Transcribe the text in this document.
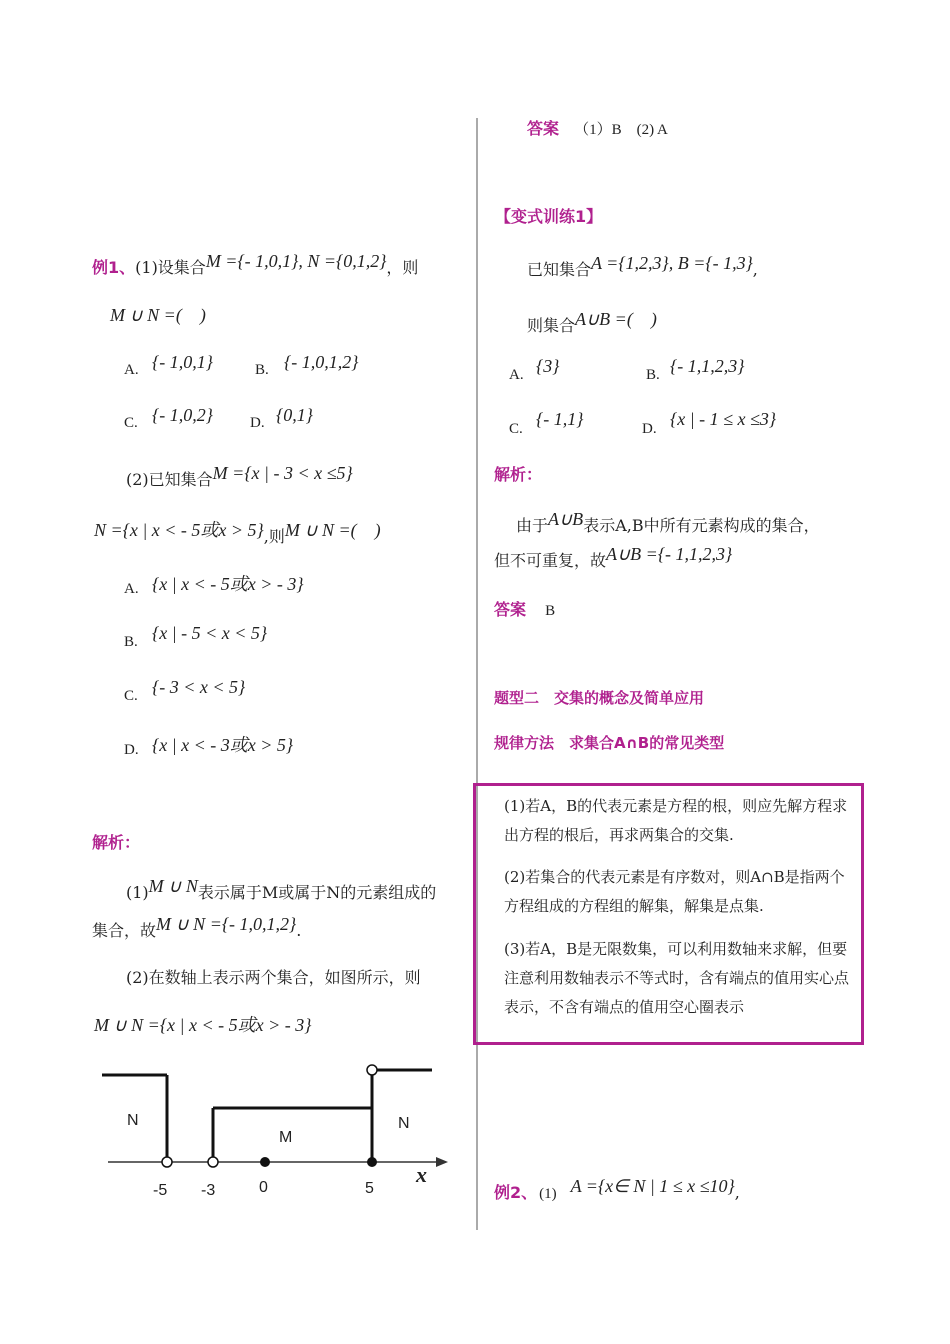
例1、(1)设集合M ={- 1,0,1}, N ={0,1,2}，则
M ∪ N =(　)
A. {- 1,0,1}	B. {- 1,0,1,2}
C. {- 1,0,2} D. {0,1}
(2)已知集合M ={x | - 3 < x ≤5}
N ={x | x < - 5或x > 5},则M ∪ N =(　)
A. {x | x < - 5或x > - 3}
B. {x | - 5 < x < 5}
C. {- 3 < x < 5}
D. {x | x < - 3或x > 5}
解析：
(1)M ∪ N表示属于M或属于N的元素组成的
集合，故M ∪ N ={- 1,0,1,2}.
(2)在数轴上表示两个集合，如图所示，则
M ∪ N ={x | x < - 5或x > - 3}
N
M
N
x
-5 -3	0	5
答案 （1）B　(2) A
【变式训练1】
已知集合A ={1,2,3}, B ={- 1,3},
则集合A∪B =(　)
A. {3}	B. {- 1,1,2,3}
C. {- 1,1}	D. {x | - 1 ≤ x ≤3}
解析：
由于A∪B表示A,B中所有元素构成的集合，
但不可重复，故A∪B ={- 1,1,2,3}
答案 B
题型二　交集的概念及简单应用
规律方法　求集合A∩B的常见类型

(1)若A，B的代表元素是方程的根，则应先解方程求出方程的根后，再求两集合的交集.

(2)若集合的代表元素是有序数对，则A∩B是指两个方程组成的方程组的解集，解集是点集.

(3)若A，B是无限数集，可以利用数轴来求解，但要注意利用数轴表示不等式时，含有端点的值用实心点表示，不含有端点的值用空心圈表示

例2、 (1) A ={x∈ N | 1 ≤ x ≤10},
